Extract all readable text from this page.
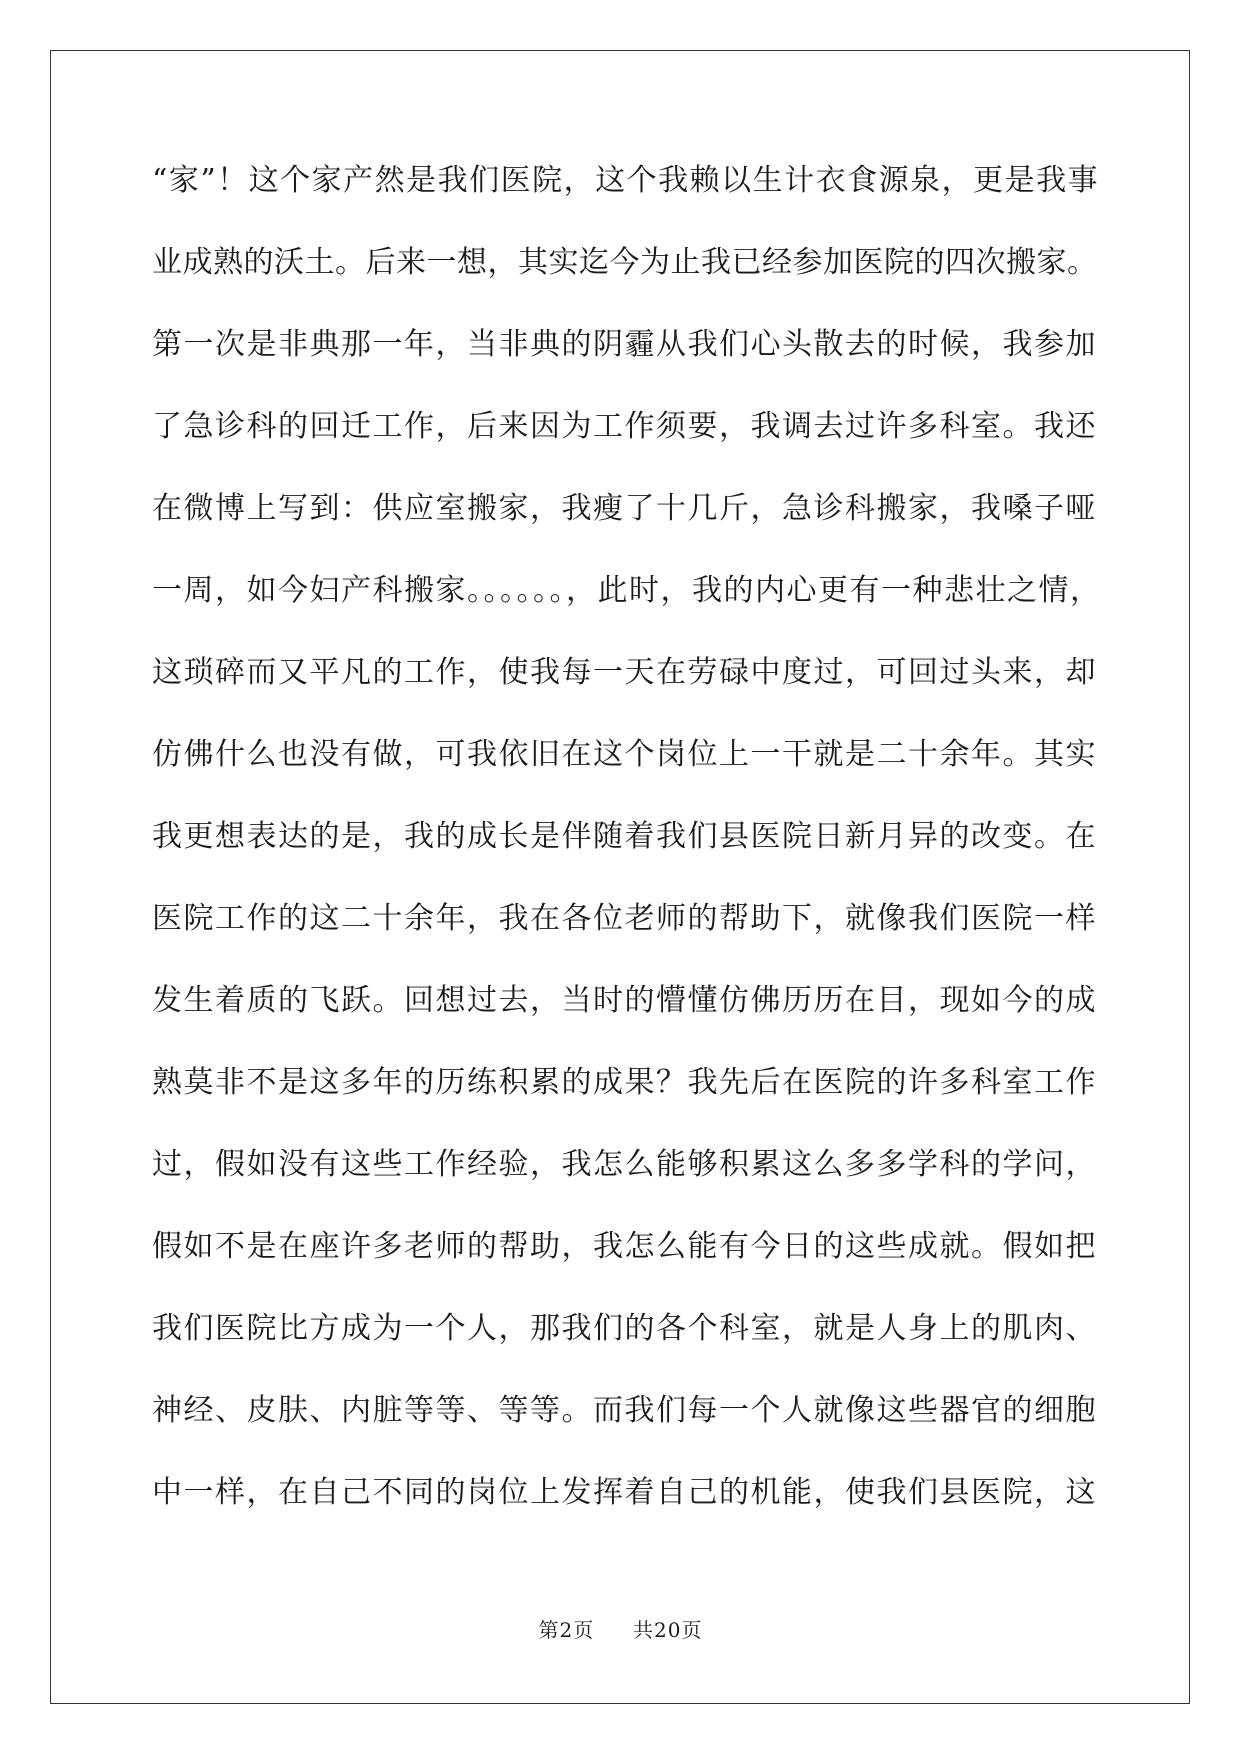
“家”！这个家产然是我们医院，这个我赖以生计衣食源泉，更是我事
业成熟的沃土。后来一想，其实迄今为止我已经参加医院的四次搬家。
第一次是非典那一年，当非典的阴霾从我们心头散去的时候，我参加
了急诊科的回迁工作，后来因为工作须要，我调去过许多科室。我还
在微博上写到：供应室搬家，我瘦了十几斤，急诊科搬家，我嗓子哑
一周，如今妇产科搬家。。。。。。，此时，我的内心更有一种悲壮之情，
这琐碎而又平凡的工作，使我每一天在劳碌中度过，可回过头来，却
仿佛什么也没有做，可我依旧在这个岗位上一干就是二十余年。其实
我更想表达的是，我的成长是伴随着我们县医院日新月异的改变。在
医院工作的这二十余年，我在各位老师的帮助下，就像我们医院一样
发生着质的飞跃。回想过去，当时的懵懂仿佛历历在目，现如今的成
熟莫非不是这多年的历练积累的成果？我先后在医院的许多科室工作
过，假如没有这些工作经验，我怎么能够积累这么多多学科的学问，
假如不是在座许多老师的帮助，我怎么能有今日的这些成就。假如把
我们医院比方成为一个人，那我们的各个科室，就是人身上的肌肉、
神经、皮肤、内脏等等、等等。而我们每一个人就像这些器官的细胞
中一样，在自己不同的岗位上发挥着自己的机能，使我们县医院，这
第2页 共20页
